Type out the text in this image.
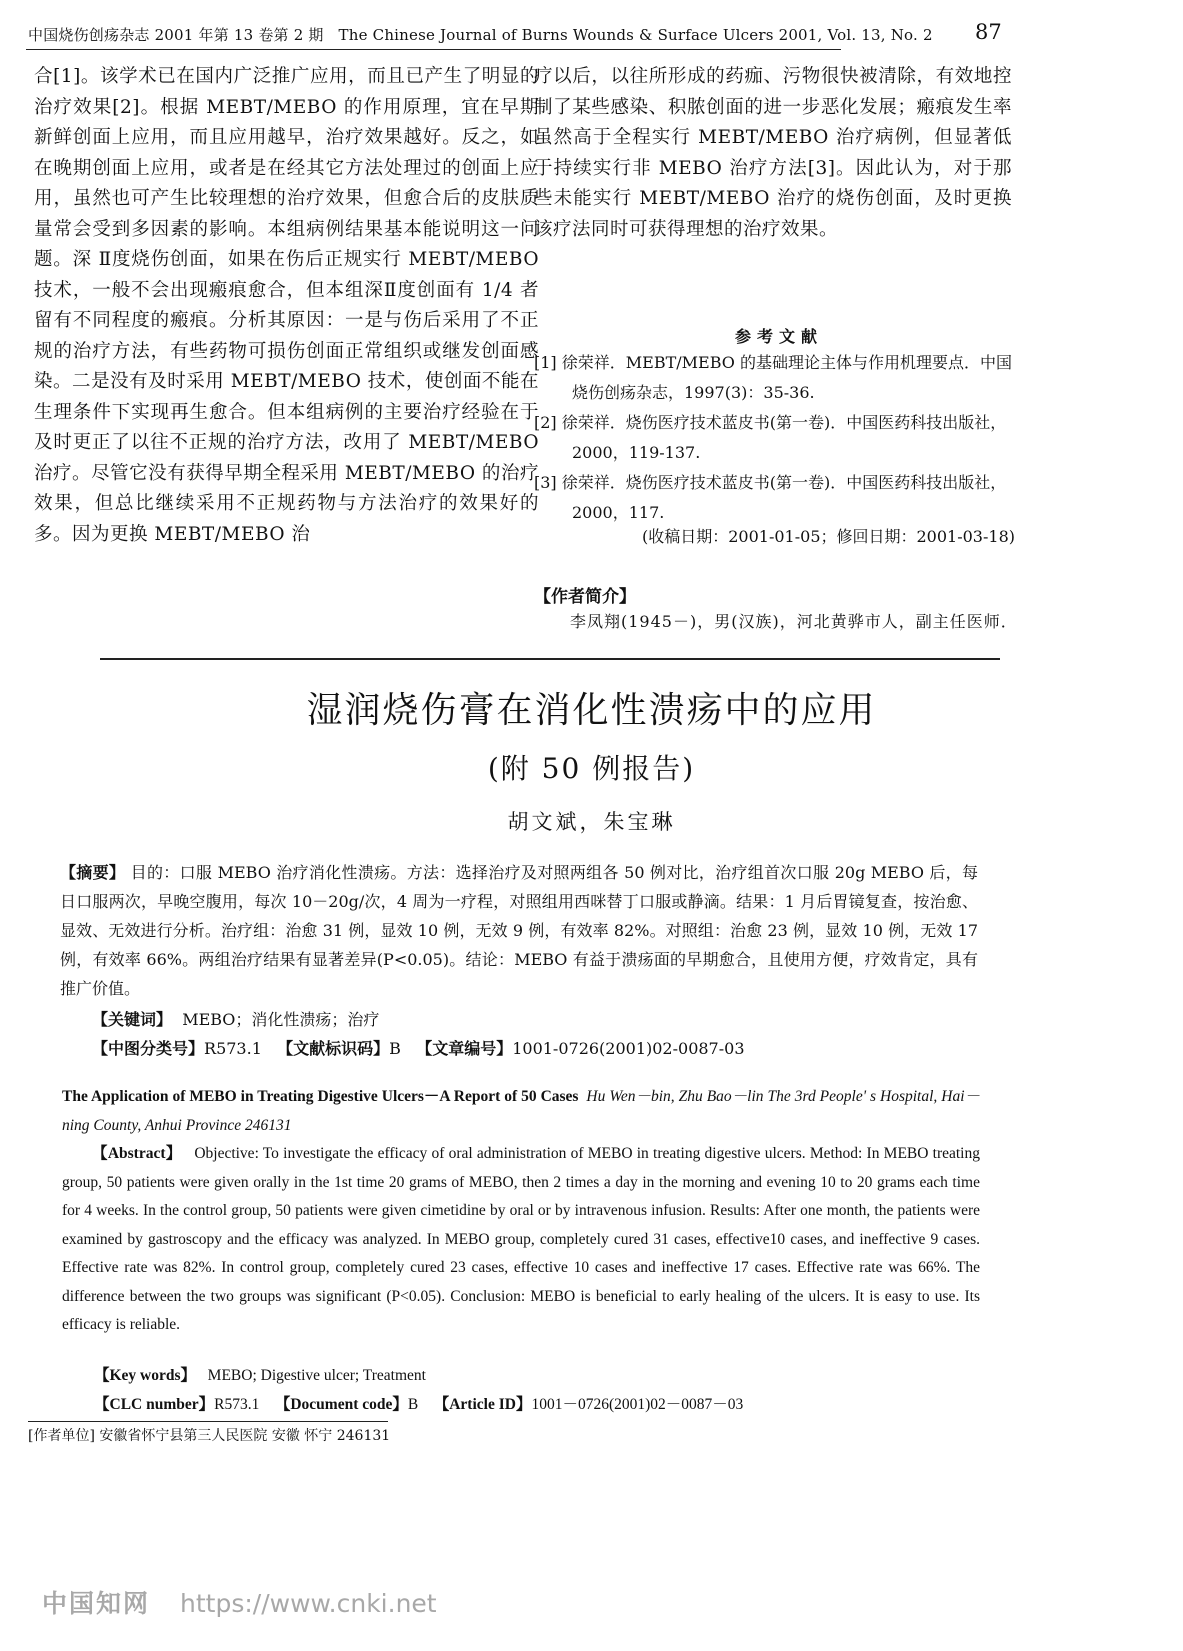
中国烧伤创疡杂志 2001 年第 13 卷第 2 期 The Chinese Journal of Burns Wounds & Surface Ulcers 2001, Vol. 13, No. 2 87

合[1]。该学术已在国内广泛推广应用，而且已产生了明显的治疗效果[2]。根据 MEBT/MEBO 的作用原理，宜在早期新鲜创面上应用，而且应用越早，治疗效果越好。反之，如在晚期创面上应用，或者是在经其它方法处理过的创面上应用，虽然也可产生比较理想的治疗效果，但愈合后的皮肤质量常会受到多因素的影响。本组病例结果基本能说明这一问题。深 Ⅱ度烧伤创面，如果在伤后正规实行 MEBT/MEBO 技术，一般不会出现瘢痕愈合，但本组深Ⅱ度创面有 1/4 者留有不同程度的瘢痕。分析其原因：一是与伤后采用了不正规的治疗方法，有些药物可损伤创面正常组织或继发创面感染。二是没有及时采用 MEBT/MEBO 技术，使创面不能在生理条件下实现再生愈合。但本组病例的主要治疗经验在于及时更正了以往不正规的治疗方法，改用了 MEBT/MEBO 治疗。尽管它没有获得早期全程采用 MEBT/MEBO 的治疗效果，但总比继续采用不正规药物与方法治疗的效果好的多。因为更换 MEBT/MEBO 治

疗以后，以往所形成的药痂、污物很快被清除，有效地控制了某些感染、积脓创面的进一步恶化发展；瘢痕发生率虽然高于全程实行 MEBT/MEBO 治疗病例，但显著低于持续实行非 MEBO 治疗方法[3]。因此认为，对于那些未能实行 MEBT/MEBO 治疗的烧伤创面，及时更换该疗法同时可获得理想的治疗效果。

参考文献

[1] 徐荣祥．MEBT/MEBO 的基础理论主体与作用机理要点．中国烧伤创疡杂志，1997(3)：35-36.

[2] 徐荣祥．烧伤医疗技术蓝皮书(第一卷)．中国医药科技出版社，2000，119-137.

[3] 徐荣祥．烧伤医疗技术蓝皮书(第一卷)．中国医药科技出版社，2000，117.

(收稿日期：2001-01-05；修回日期：2001-03-18)
【作者简介】
李凤翔(1945－)，男(汉族)，河北黄骅市人，副主任医师．
湿润烧伤膏在消化性溃疡中的应用
(附 50 例报告)
胡文斌，朱宝琳

【摘要】 目的：口服 MEBO 治疗消化性溃疡。方法：选择治疗及对照两组各 50 例对比，治疗组首次口服 20g MEBO 后，每日口服两次，早晚空腹用，每次 10－20g/次，4 周为一疗程，对照组用西咪替丁口服或静滴。结果：1 月后胃镜复查，按治愈、显效、无效进行分析。治疗组：治愈 31 例，显效 10 例，无效 9 例，有效率 82%。对照组：治愈 23 例，显效 10 例，无效 17 例，有效率 66%。两组治疗结果有显著差异(P<0.05)。结论：MEBO 有益于溃疡面的早期愈合，且使用方便，疗效肯定，具有推广价值。

【关键词】 MEBO；消化性溃疡；治疗
【中图分类号】R573.1 【文献标识码】B 【文章编号】1001-0726(2001)02-0087-03

The Application of MEBO in Treating Digestive Ulcers－A Report of 50 Cases Hu Wen－bin, Zhu Bao－lin The 3rd People' s Hospital, Hai－ning County, Anhui Province 246131

【Abstract】 Objective: To investigate the efficacy of oral administration of MEBO in treating digestive ulcers. Method: In MEBO treating group, 50 patients were given orally in the 1st time 20 grams of MEBO, then 2 times a day in the morning and evening 10 to 20 grams each time for 4 weeks. In the control group, 50 patients were given cimetidine by oral or by intravenous infusion. Results: After one month, the patients were examined by gastroscopy and the efficacy was analyzed. In MEBO group, completely cured 31 cases, effective10 cases, and ineffective 9 cases. Effective rate was 82%. In control group, completely cured 23 cases, effective 10 cases and ineffective 17 cases. Effective rate was 66%. The difference between the two groups was significant (P<0.05). Conclusion: MEBO is beneficial to early healing of the ulcers. It is easy to use. Its efficacy is reliable.

【Key words】 MEBO; Digestive ulcer; Treatment
【CLC number】R573.1 【Document code】B 【Article ID】1001－0726(2001)02－0087－03
[作者单位] 安徽省怀宁县第三人民医院 安徽 怀宁 246131
中国知网 https://www.cnki.net
